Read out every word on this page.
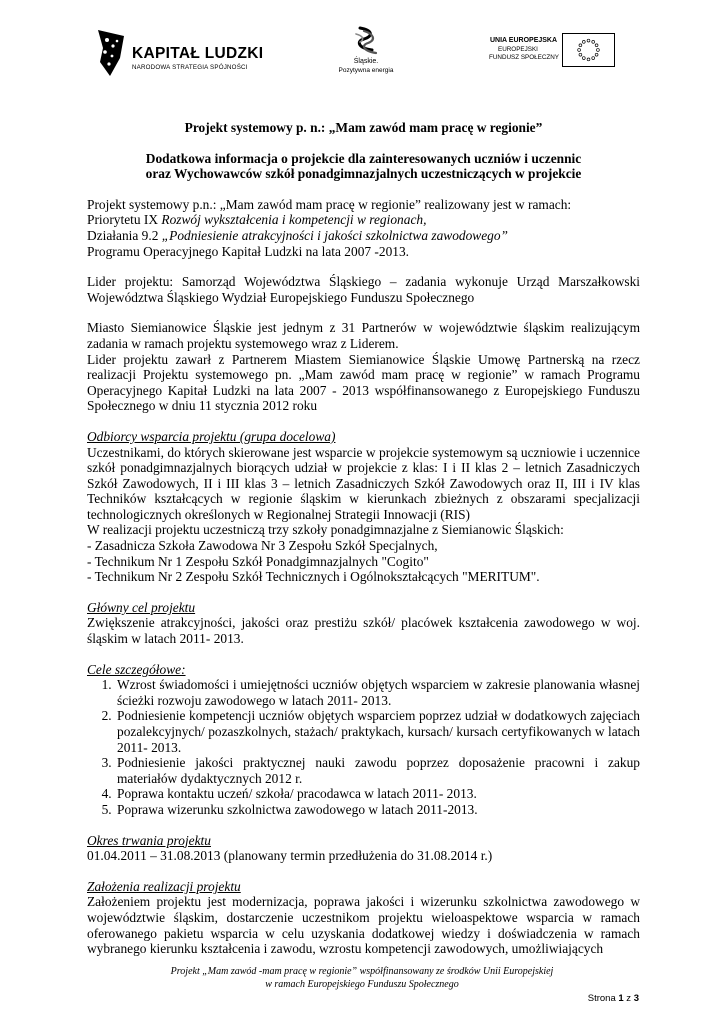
KAPITAŁ LUDZKI
NARODOWA STRATEGIA SPÓJNOŚCI
Śląskie.
Pozytywna energia
UNIA EUROPEJSKA
EUROPEJSKI
FUNDUSZ SPOŁECZNY

Projekt systemowy p. n.: „Mam zawód mam pracę w regionie”

Dodatkowa informacja o projekcie dla zainteresowanych uczniów i uczennic

oraz Wychowawców szkół ponadgimnazjalnych uczestniczących w projekcie

Projekt systemowy p.n.: „Mam zawód mam pracę w regionie” realizowany jest w ramach:

Priorytetu IX Rozwój wykształcenia i kompetencji w regionach,

Działania 9.2 „Podniesienie atrakcyjności i jakości szkolnictwa zawodowego”

Programu Operacyjnego Kapitał Ludzki na lata 2007 -2013.

Lider projektu: Samorząd Województwa Śląskiego – zadania wykonuje Urząd Marszałkowski Województwa Śląskiego Wydział Europejskiego Funduszu Społecznego

Miasto Siemianowice Śląskie jest jednym z 31 Partnerów w województwie śląskim realizującym zadania w ramach projektu systemowego wraz z Liderem.

Lider projektu zawarł z Partnerem Miastem Siemianowice Śląskie Umowę Partnerską na rzecz realizacji Projektu systemowego pn. „Mam zawód mam pracę w regionie” w ramach Programu Operacyjnego Kapitał Ludzki na lata 2007 - 2013 współfinansowanego z Europejskiego Funduszu Społecznego w dniu 11 stycznia 2012 roku

Odbiorcy wsparcia projektu (grupa docelowa)

Uczestnikami, do których skierowane jest wsparcie w projekcie systemowym są uczniowie i uczennice szkół ponadgimnazjalnych biorących udział w projekcie z klas: I i II klas 2 – letnich Zasadniczych Szkół Zawodowych, II i III klas 3 – letnich Zasadniczych Szkół Zawodowych oraz II, III i IV klas Techników kształcących w regionie śląskim w kierunkach zbieżnych z obszarami specjalizacji technologicznych określonych w Regionalnej Strategii Innowacji (RIS)

W realizacji projektu uczestniczą trzy szkoły ponadgimnazjalne z Siemianowic Śląskich:

- Zasadnicza Szkoła Zawodowa Nr 3 Zespołu Szkół Specjalnych,

- Technikum Nr 1 Zespołu Szkół Ponadgimnazjalnych "Cogito"

- Technikum Nr 2 Zespołu Szkół Technicznych i Ogólnokształcących "MERITUM".

Główny cel projektu

Zwiększenie atrakcyjności, jakości oraz prestiżu szkół/ placówek kształcenia zawodowego w woj. śląskim w latach 2011- 2013.

Cele szczegółowe:

1. Wzrost świadomości i umiejętności uczniów objętych wsparciem w zakresie planowania własnej ścieżki rozwoju zawodowego w latach 2011- 2013.
2. Podniesienie kompetencji uczniów objętych wsparciem poprzez udział w dodatkowych zajęciach pozalekcyjnych/ pozaszkolnych, stażach/ praktykach, kursach/ kursach certyfikowanych w latach 2011- 2013.
3. Podniesienie jakości praktycznej nauki zawodu poprzez doposażenie pracowni i zakup materiałów dydaktycznych 2012 r.
4. Poprawa kontaktu uczeń/ szkoła/ pracodawca w latach 2011- 2013.
5. Poprawa wizerunku szkolnictwa zawodowego w latach 2011-2013.

Okres trwania projektu

01.04.2011 – 31.08.2013 (planowany termin przedłużenia do 31.08.2014 r.)

Założenia realizacji projektu

Założeniem projektu jest modernizacja, poprawa jakości i wizerunku szkolnictwa zawodowego w województwie śląskim, dostarczenie uczestnikom projektu wieloaspektowe wsparcia w ramach oferowanego pakietu wsparcia w celu uzyskania dodatkowej wiedzy i doświadczenia w ramach wybranego kierunku kształcenia i zawodu, wzrostu kompetencji zawodowych, umożliwiających

Projekt „Mam zawód -mam pracę w regionie” współfinansowany ze środków Unii Europejskiej
w ramach Europejskiego Funduszu Społecznego
Strona 1 z 3
